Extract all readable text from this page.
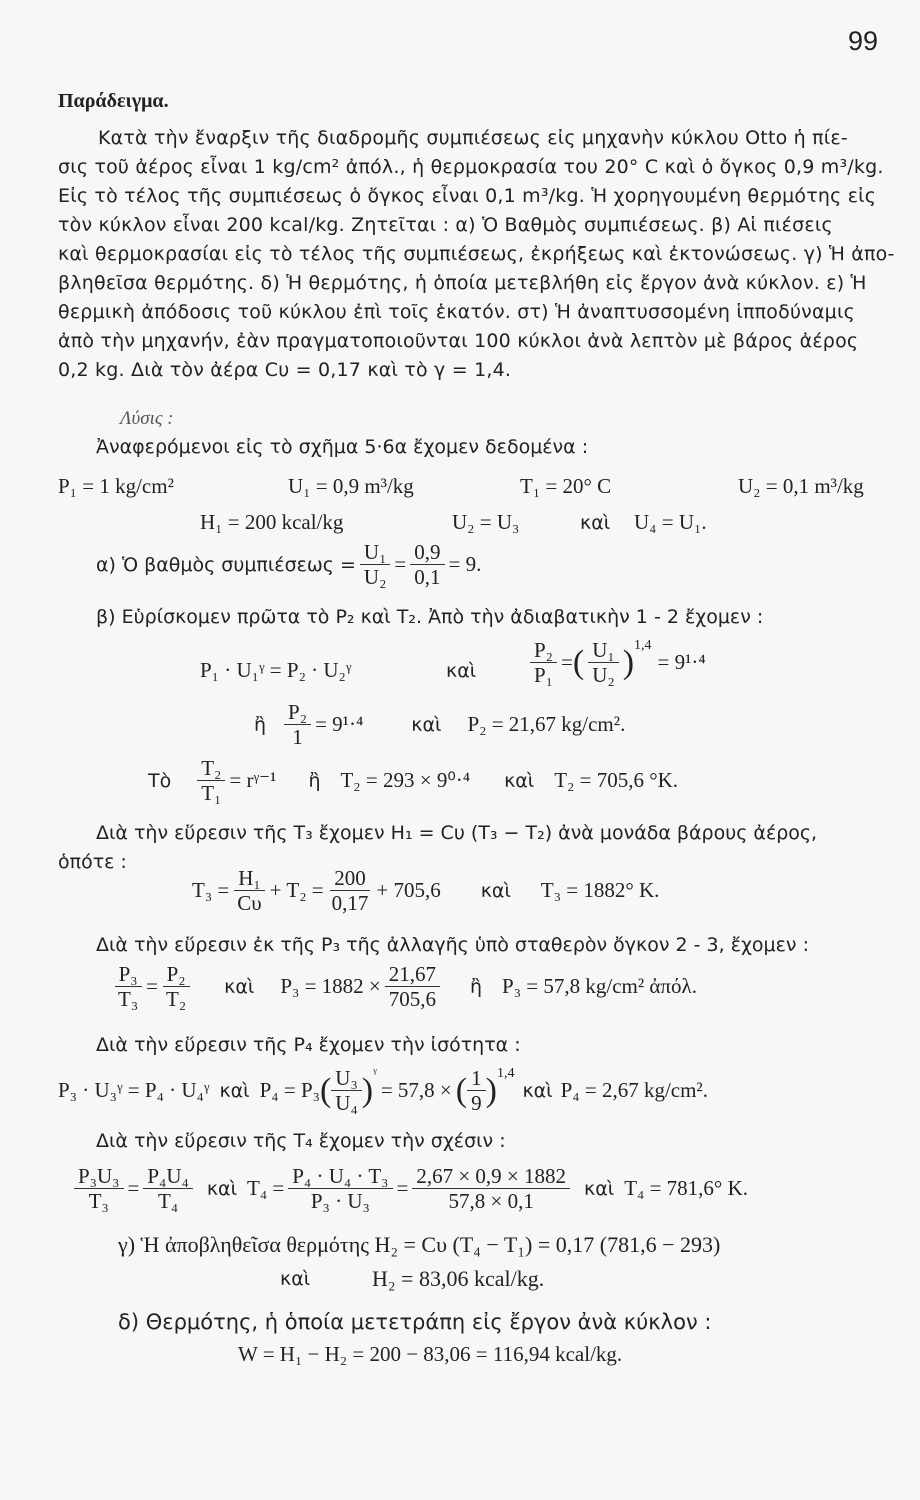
99
Παράδειγμα.
Κατὰ τὴν ἔναρξιν τῆς διαδρομῆς συμπιέσεως εἰς μηχανὴν κύκλου Otto ἡ πίε-
σις τοῦ ἀέρος εἶναι 1 kg/cm² ἀπόλ., ἡ θερμοκρασία του 20° C καὶ ὁ ὄγκος 0,9 m³/kg.
Εἰς τὸ τέλος τῆς συμπιέσεως ὁ ὄγκος εἶναι 0,1 m³/kg. Ἡ χορηγουμένη θερμότης εἰς
τὸν κύκλον εἶναι 200 kcal/kg. Ζητεῖται : α) Ὁ Βαθμὸς συμπιέσεως. β) Αἱ πιέσεις
καὶ θερμοκρασίαι εἰς τὸ τέλος τῆς συμπιέσεως, ἐκρήξεως καὶ ἐκτονώσεως. γ) Ἡ ἀπο-
βληθεῖσα θερμότης. δ) Ἡ θερμότης, ἡ ὁποία μετεβλήθη εἰς ἔργον ἀνὰ κύκλον. ε) Ἡ
θερμικὴ ἀπόδοσις τοῦ κύκλου ἐπὶ τοῖς ἑκατόν. στ) Ἡ ἀναπτυσσομένη ἱπποδύναμις
ἀπὸ τὴν μηχανήν, ἐὰν πραγματοποιοῦνται 100 κύκλοι ἀνὰ λεπτὸν μὲ βάρος ἀέρος
0,2 kg. Διὰ τὸν ἀέρα Cυ = 0,17 καὶ τὸ γ = 1,4.
Λύσις :
Ἀναφερόμενοι εἰς τὸ σχῆμα 5·6α ἔχομεν δεδομένα :
P₁ = 1 kg/cm²	U₁ = 0,9 m³/kg	T₁ = 20° C	U₂ = 0,1 m³/kg
H₁ = 200 kcal/kg	U₂ = U₃	καὶ U₄ = U₁.
α) Ὁ βαθμὸς $\sigma\upsilon\mu\pi\iota έ\sigma\varepsilon\omega\varsigma = \frac{\text{U₁}}{\text{U₂}} = \frac{0,9}{0,1} = 9$.
β) Εὑρίσκομεν πρῶτα τὸ P₂ καὶ T₂. Ἀπὸ τὴν ἀδιαβατικὴν 1 - 2 ἔχομεν :
P₁ · U₁ᵞ = P₂ · U₂ᵞ	καὶ	$\frac{\text{P₂}}{\text{P₁}}$ = ( $\frac{\text{U₁}}{\text{U₂}} )^{1,4}$
= 9¹·⁴
ἢ $\frac{\text{P₂}}{1} = 9^1\cdot^4$	καὶ P₂ = 21,67 kg/cm².
Τὸ $\frac{\text{T₂}}{\text{T₁}}$ = rᵞ⁻¹ ἢ T₂ = 293 × 9⁰·⁴ καὶ T₂ = 705,6 °K.
Διὰ τὴν εὕρεσιν τῆς T₃ ἔχομεν H₁ = Cυ (T₃ − T₂) ἀνὰ μονάδα βάρους ἀέρος,
ὁπότε :
$T_3 = \frac{\text{H₁}}{C\upsilon} + T_2 = \frac{200}{0,17} + 705,6$ καὶ T₃ = 1882° K.
Διὰ τὴν εὕρεσιν ἐκ τῆς P₃ τῆς ἀλλαγῆς ὑπὸ σταθερὸν ὄγκον 2 - 3, ἔχομεν :
$\frac{\text{P₃}}{\text{T₃}} = \frac{\text{P₂}}{\text{T₂}}$ καὶ $P_3 = 1882 \times \frac{21,67}{705,6}$ ἢ P₃ = 57,8 kg/cm² ἀπόλ.
Διὰ τὴν εὕρεσιν τῆς P₄ ἔχομεν τὴν ἰσότητα :
P₃ · U₃ᵞ = P₄ · U₄ᵞ καὶ P₄ = P₃ ( $\frac{\text{U₃}}{\text{U₄}} )^ᵞ$
= 57,8 × ( $\frac{1}{9} )^{1,4}$
καὶ P₄ = 2,67 kg/cm².
Διὰ τὴν εὕρεσιν τῆς T₄ ἔχομεν τὴν σχέσιν :
$\frac{\text{P₃U₃}}{\text{T₃}} = \frac{\text{P₄U₄}}{\text{T₄}}$ καὶ $T_4 = \frac{\text{P₄ · U₄ · T₃}}{\text{P₃ · U₃}} = \frac{2,67 \times 0,9 \times 1882}{57,8 \times 0,1}$ καὶ T₄ = 781,6° K.
γ) Ἡ ἀποβληθεῖσα θερμότης H₂ = Cυ (T₄ − T₁) = 0,17 (781,6 − 293)
καὶ	H₂ = 83,06 kcal/kg.
δ) Θερμότης, ἡ ὁποία μετετράπη εἰς ἔργον ἀνὰ κύκλον :
W = H₁ − H₂ = 200 − 83,06 = 116,94 kcal/kg.
